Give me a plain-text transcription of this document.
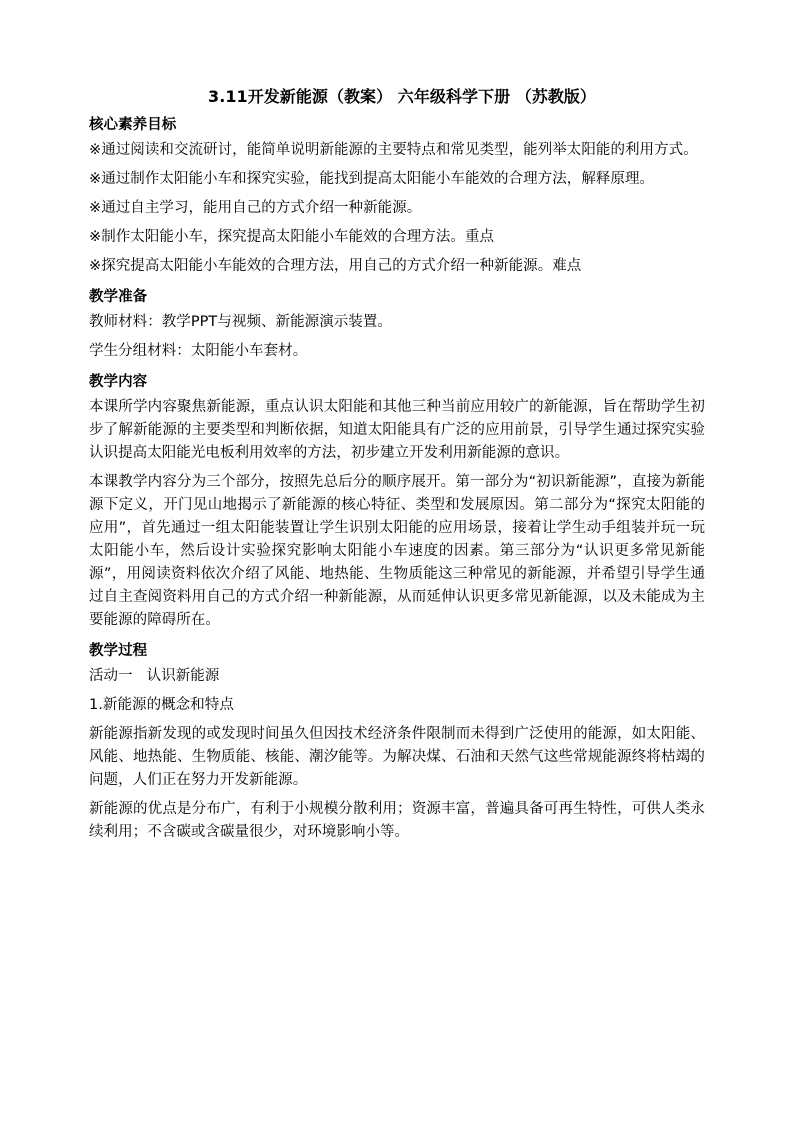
3.11开发新能源（教案） 六年级科学下册 （苏教版）
核心素养目标
※通过阅读和交流研讨，能简单说明新能源的主要特点和常见类型，能列举太阳能的利用方式。
※通过制作太阳能小车和探究实验，能找到提高太阳能小车能效的合理方法，解释原理。
※通过自主学习，能用自己的方式介绍一种新能源。
※制作太阳能小车，探究提高太阳能小车能效的合理方法。重点
※探究提高太阳能小车能效的合理方法，用自己的方式介绍一种新能源。难点
教学准备
教师材料：教学PPT与视频、新能源演示装置。
学生分组材料：太阳能小车套材。
教学内容
本课所学内容聚焦新能源，重点认识太阳能和其他三种当前应用较广的新能源，旨在帮助学生初步了解新能源的主要类型和判断依据，知道太阳能具有广泛的应用前景，引导学生通过探究实验认识提高太阳能光电板利用效率的方法，初步建立开发利用新能源的意识。
本课教学内容分为三个部分，按照先总后分的顺序展开。第一部分为“初识新能源”，直接为新能源下定义，开门见山地揭示了新能源的核心特征、类型和发展原因。第二部分为“探究太阳能的应用”，首先通过一组太阳能装置让学生识别太阳能的应用场景，接着让学生动手组装并玩一玩太阳能小车，然后设计实验探究影响太阳能小车速度的因素。第三部分为“认识更多常见新能源”，用阅读资料依次介绍了风能、地热能、生物质能这三种常见的新能源，并希望引导学生通过自主查阅资料用自己的方式介绍一种新能源，从而延伸认识更多常见新能源，以及未能成为主要能源的障碍所在。
教学过程
活动一 认识新能源
1.新能源的概念和特点
新能源指新发现的或发现时间虽久但因技术经济条件限制而未得到广泛使用的能源，如太阳能、风能、地热能、生物质能、核能、潮汐能等。为解决煤、石油和天然气这些常规能源终将枯竭的问题，人们正在努力开发新能源。
新能源的优点是分布广，有利于小规模分散利用；资源丰富，普遍具备可再生特性，可供人类永续利用；不含碳或含碳量很少，对环境影响小等。
